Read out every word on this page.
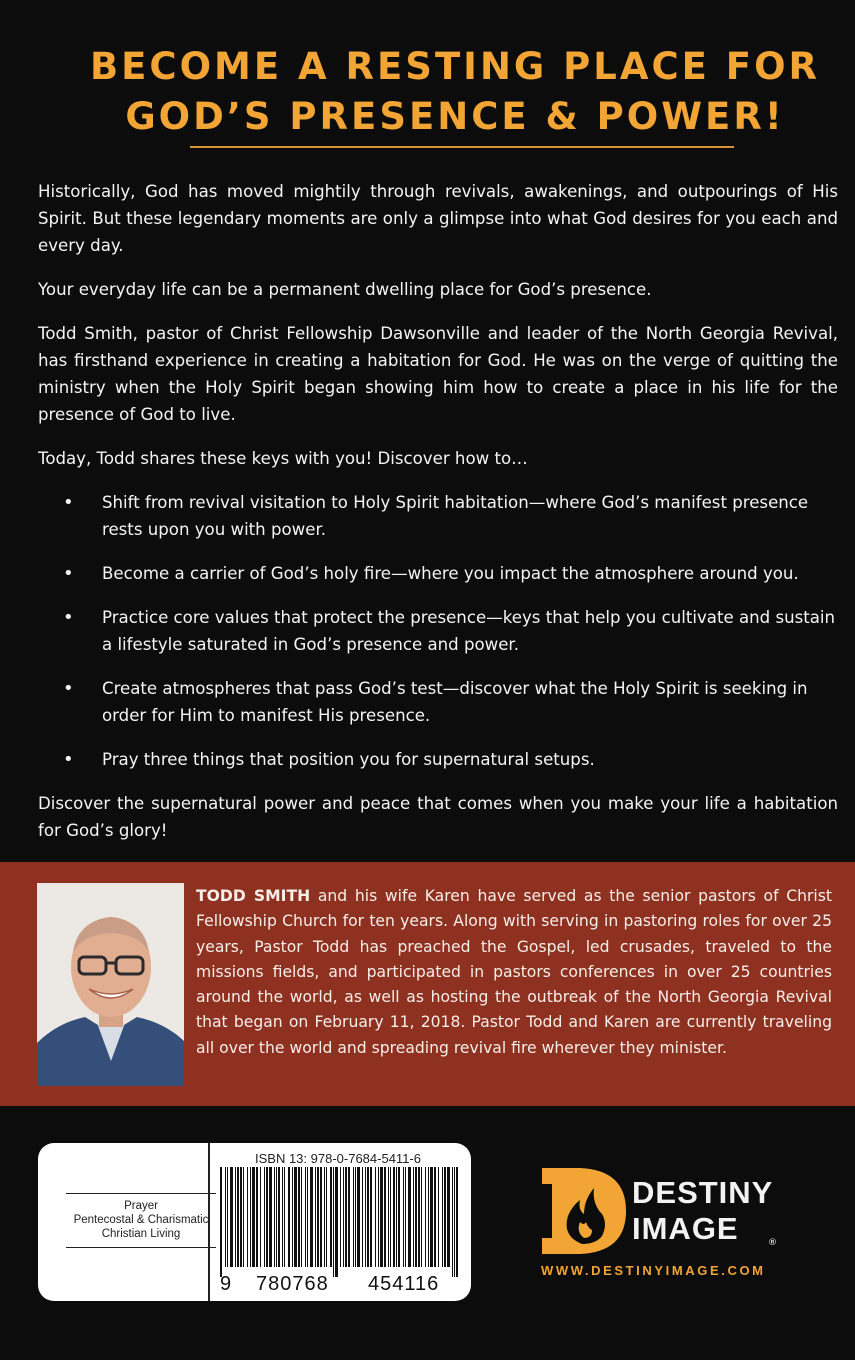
BECOME A RESTING PLACE FOR
GOD’S PRESENCE & POWER!

Historically, God has moved mightily through revivals, awakenings, and outpourings of His Spirit. But these legendary moments are only a glimpse into what God desires for you each and every day.

Your everyday life can be a permanent dwelling place for God’s presence.

Todd Smith, pastor of Christ Fellowship Dawsonville and leader of the North Georgia Revival, has firsthand experience in creating a habitation for God. He was on the verge of quitting the ministry when the Holy Spirit began showing him how to create a place in his life for the presence of God to live.

Today, Todd shares these keys with you! Discover how to…

• Shift from revival visitation to Holy Spirit habitation—where God’s manifest presence rests upon you with power.
• Become a carrier of God’s holy fire—where you impact the atmosphere around you.
• Practice core values that protect the presence—keys that help you cultivate and sustain a lifestyle saturated in God’s presence and power.
• Create atmospheres that pass God’s test—discover what the Holy Spirit is seeking in order for Him to manifest His presence.
• Pray three things that position you for supernatural setups.

Discover the supernatural power and peace that comes when you make your life a habitation for God’s glory!

TODD SMITH and his wife Karen have served as the senior pastors of Christ Fellowship Church for ten years. Along with serving in pastoring roles for over 25 years, Pastor Todd has preached the Gospel, led crusades, traveled to the missions fields, and participated in pastors conferences in over 25 countries around the world, as well as hosting the outbreak of the North Georgia Revival that began on February 11, 2018. Pastor Todd and Karen are currently traveling all over the world and spreading revival fire wherever they minister.
Prayer
Pentecostal & Charismatic
Christian Living
ISBN 13: 978-0-7684-5411-6
9 780768 454116
DESTINY
IMAGE	®
WWW.DESTINYIMAGE.COM
